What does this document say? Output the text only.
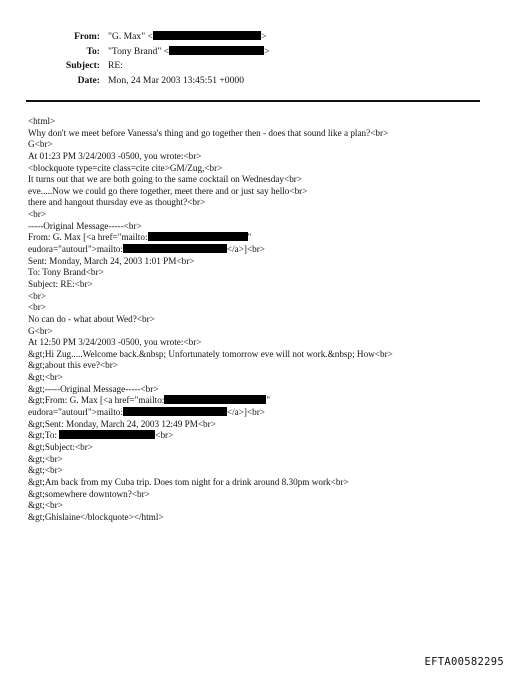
From: "G. Max" <	>
To: "Tony Brand" <	>
Subject: RE:
Date: Mon, 24 Mar 2003 13:45:51 +0000
<html>
Why don't we meet before Vanessa's thing and go together then - does that sound like a plan?<br>
G<br>
At 01:23 PM 3/24/2003 -0500, you wrote:<br>
<blockquote type=cite class=cite cite>GM/Zug,<br>
It turns out that we are both going to the same cocktail on Wednesday<br>
eve.....Now we could go there together, meet there and or just say hello<br>
there and hangout thursday eve as thought?<br>
<br>
-----Original Message-----<br>
From: G. Max [<a href="mailto:	"
eudora="autourl">mailto:	</a>]<br>
Sent: Monday, March 24, 2003 1:01 PM<br>
To: Tony Brand<br>
Subject: RE:<br>
<br>
<br>
No can do - what about Wed?<br>
G<br>
At 12:50 PM 3/24/2003 -0500, you wrote:<br>
&gt;Hi Zug.....Welcome back.&nbsp; Unfortunately tomorrow eve will not work.&nbsp; How<br>
&gt;about this eve?<br>
&gt;<br>
&gt;-----Original Message-----<br>
&gt;From: G. Max [<a href="mailto:	"
eudora="autourl">mailto:	</a>]<br>
&gt;Sent: Monday, March 24, 2003 12:49 PM<br>
&gt;To:	<br>
&gt;Subject:<br>
&gt;<br>
&gt;<br>
&gt;Am back from my Cuba trip. Does tom night for a drink around 8.30pm work<br>
&gt;somewhere downtown?<br>
&gt;<br>
&gt;Ghislaine</blockquote></html>
EFTA00582295
